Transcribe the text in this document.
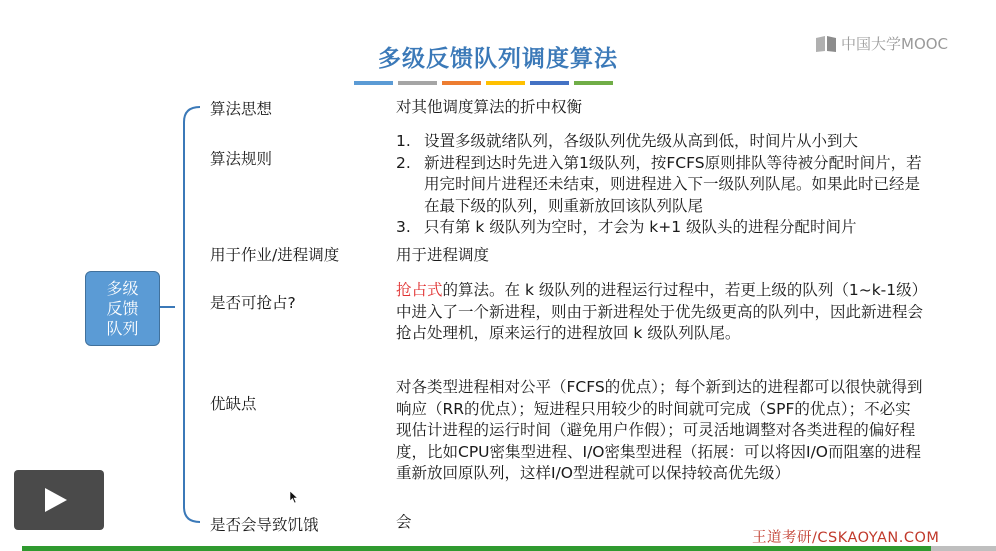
多级反馈队列调度算法
中国大学MOOC
多级反馈队列
算法思想
算法规则
用于作业/进程调度
是否可抢占?
优缺点
是否会导致饥饿
对其他调度算法的折中权衡
1. 设置多级就绪队列，各级队列优先级从高到低，时间片从小到大
2. 新进程到达时先进入第1级队列，按FCFS原则排队等待被分配时间片，若用完时间片进程还未结束，则进程进入下一级队列队尾。如果此时已经是在最下级的队列，则重新放回该队列队尾
3. 只有第 k 级队列为空时，才会为 k+1 级队头的进程分配时间片
用于进程调度
抢占式的算法。在 k 级队列的进程运行过程中，若更上级的队列（1~k-1级）中进入了一个新进程，则由于新进程处于优先级更高的队列中，因此新进程会抢占处理机，原来运行的进程放回 k 级队列队尾。
对各类型进程相对公平（FCFS的优点）；每个新到达的进程都可以很快就得到响应（RR的优点）；短进程只用较少的时间就可完成（SPF的优点）；不必实现估计进程的运行时间（避免用户作假）；可灵活地调整对各类进程的偏好程度，比如CPU密集型进程、I/O密集型进程（拓展：可以将因I/O而阻塞的进程重新放回原队列，这样I/O型进程就可以保持较高优先级）
会
王道考研/CSKAOYAN.COM
